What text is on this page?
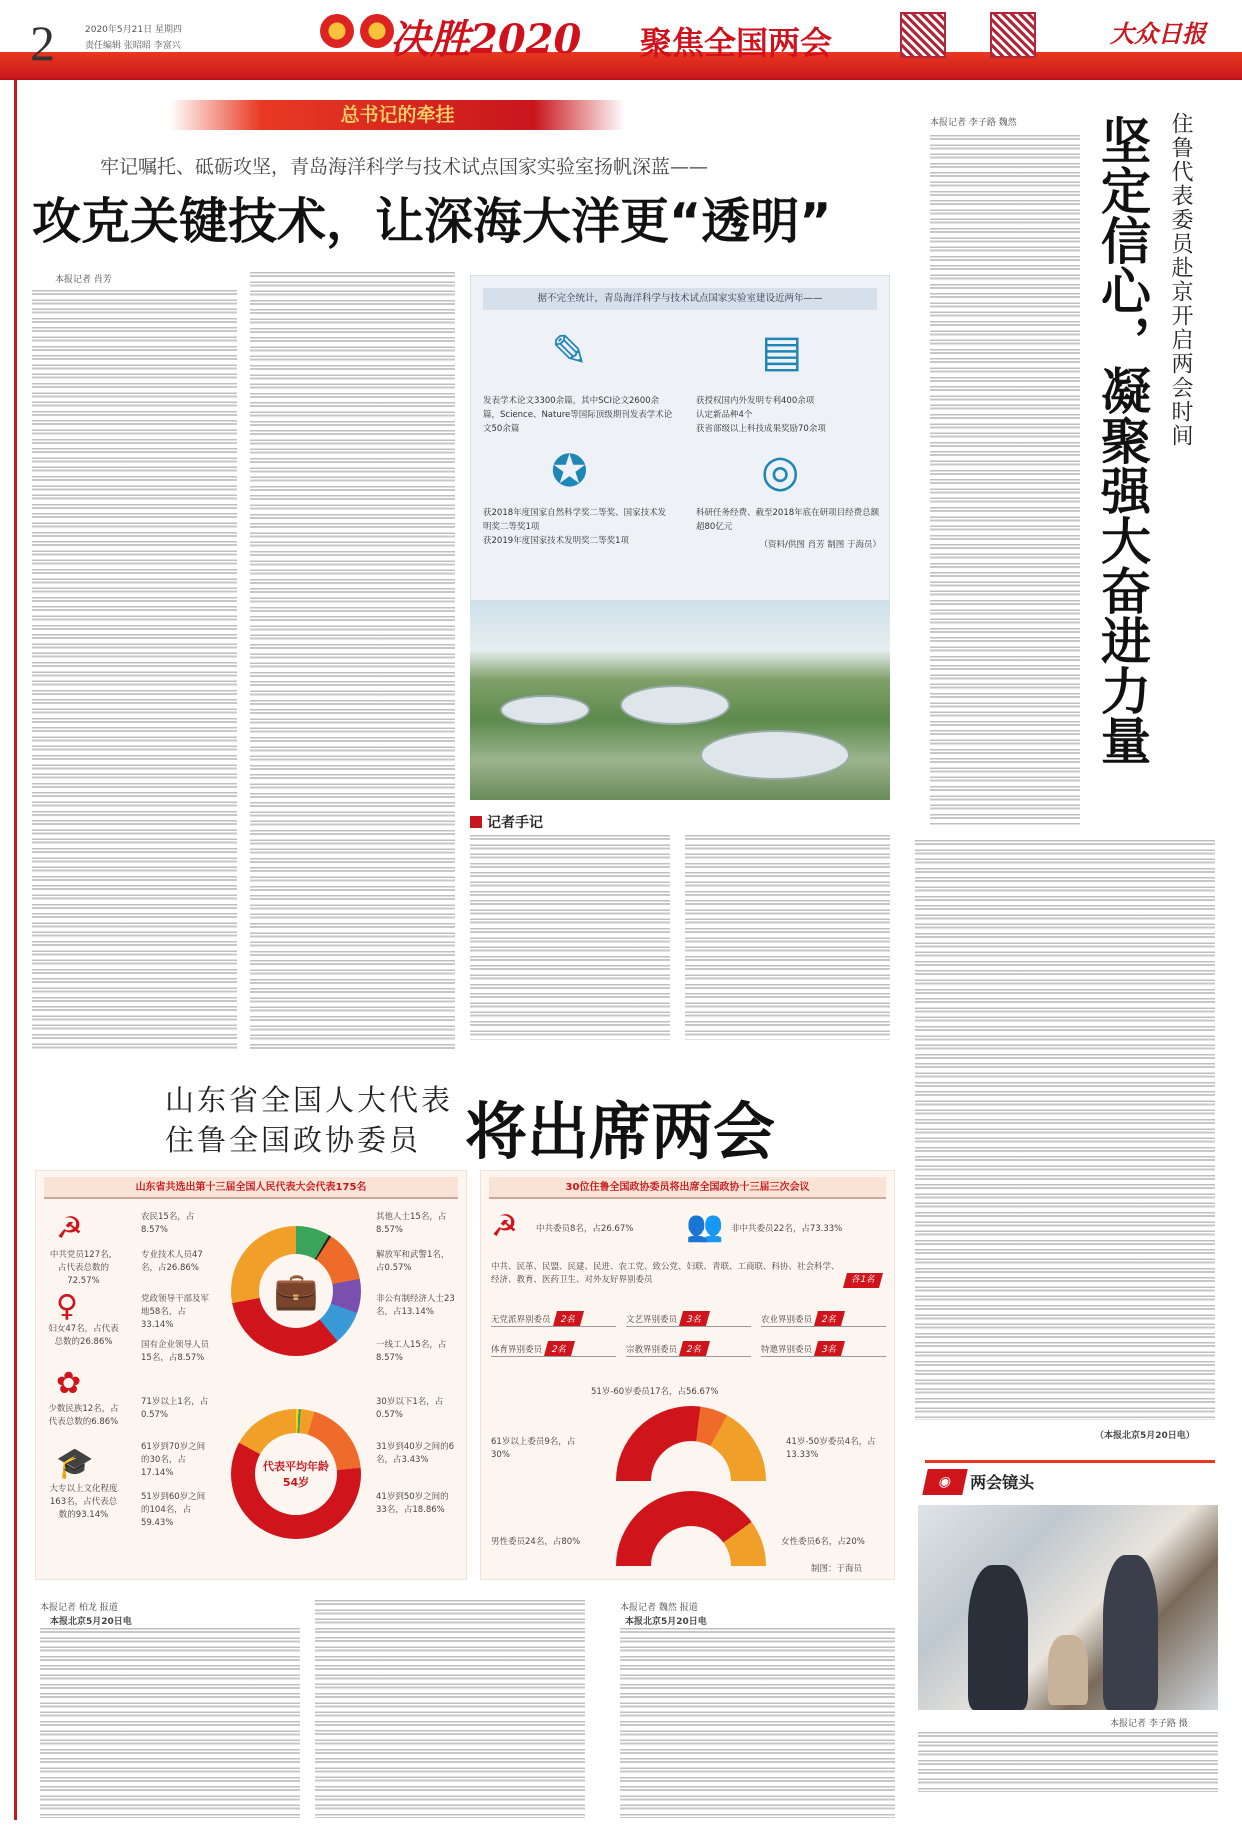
2	2020年5月21日 星期四
责任编辑 张昭昭 李富兴	决胜2020 聚焦全国两会	大众日报
总书记的牵挂
牢记嘱托、砥砺攻坚，青岛海洋科学与技术试点国家实验室扬帆深蓝——
攻克关键技术，让深海大洋更“透明”
本报记者 肖芳
据不完全统计，青岛海洋科学与技术试点国家实验室建设近两年——
✎	▤
发表学术论文3300余篇，其中SCI论文2600余篇，Science、Nature等国际顶级期刊发表学术论文50余篇
获授权国内外发明专利400余项
认定新品种4个
获省部级以上科技成果奖励70余项
✪	◎
获2018年度国家自然科学奖二等奖、国家技术发明奖二等奖1项
获2019年度国家技术发明奖二等奖1项
科研任务经费、截至2018年底在研项目经费总额超80亿元
（资料/供图 肖芳 制图 于海员）
记者手记
本报记者 李子路 魏然 坚定信心，凝聚强大奋进力量 住鲁代表委员赴京开启两会时间
（本报北京5月20日电）
山东省全国人大代表
住鲁全国政协委员 将出席两会
山东省共选出第十三届全国人民代表大会代表175名
☭
中共党员127名，占代表总数的72.57%
♀
妇女47名，占代表总数的26.86%
✿
少数民族12名，占代表总数的6.86%
🎓
大专以上文化程度163名，占代表总数的93.14%
农民15名，占8.57%
专业技术人员47名，占26.86%
党政领导干部及军地58名，占33.14%
国有企业领导人员15名，占8.57%
其他人士15名，占8.57%
解放军和武警1名，占0.57%
非公有制经济人士23名，占13.14%
一线工人15名，占8.57%
💼
71岁以上1名，占0.57%
61岁到70岁之间的30名，占17.14%
51岁到60岁之间的104名，占59.43%
30岁以下1名，占0.57%
31岁到40岁之间的6名，占3.43%
41岁到50岁之间的33名，占18.86%
代表平均年龄54岁
30位住鲁全国政协委员将出席全国政协十三届三次会议
☭ 中共委员8名，占26.67% 👥 非中共委员22名，占73.33%
中共、民革、民盟、民建、民进、农工党、致公党、妇联、青联、工商联、科协、社会科学、经济、教育、医药卫生、对外友好界别委员	各1名
无党派界别委员 2名	文艺界别委员 3名	农业界别委员 2名
体育界别委员 2名	宗教界别委员 2名	特邀界别委员 3名
51岁-60岁委员17名，占56.67%
61岁以上委员9名，占30%
41岁-50岁委员4名，占13.33%
男性委员24名，占80%	女性委员6名，占20%
制图：于海员
本报记者 柏龙 报道
本报北京5月20日电
本报记者 魏然 报道
本报北京5月20日电
◉ 两会镜头
本报记者 李子路 摄
